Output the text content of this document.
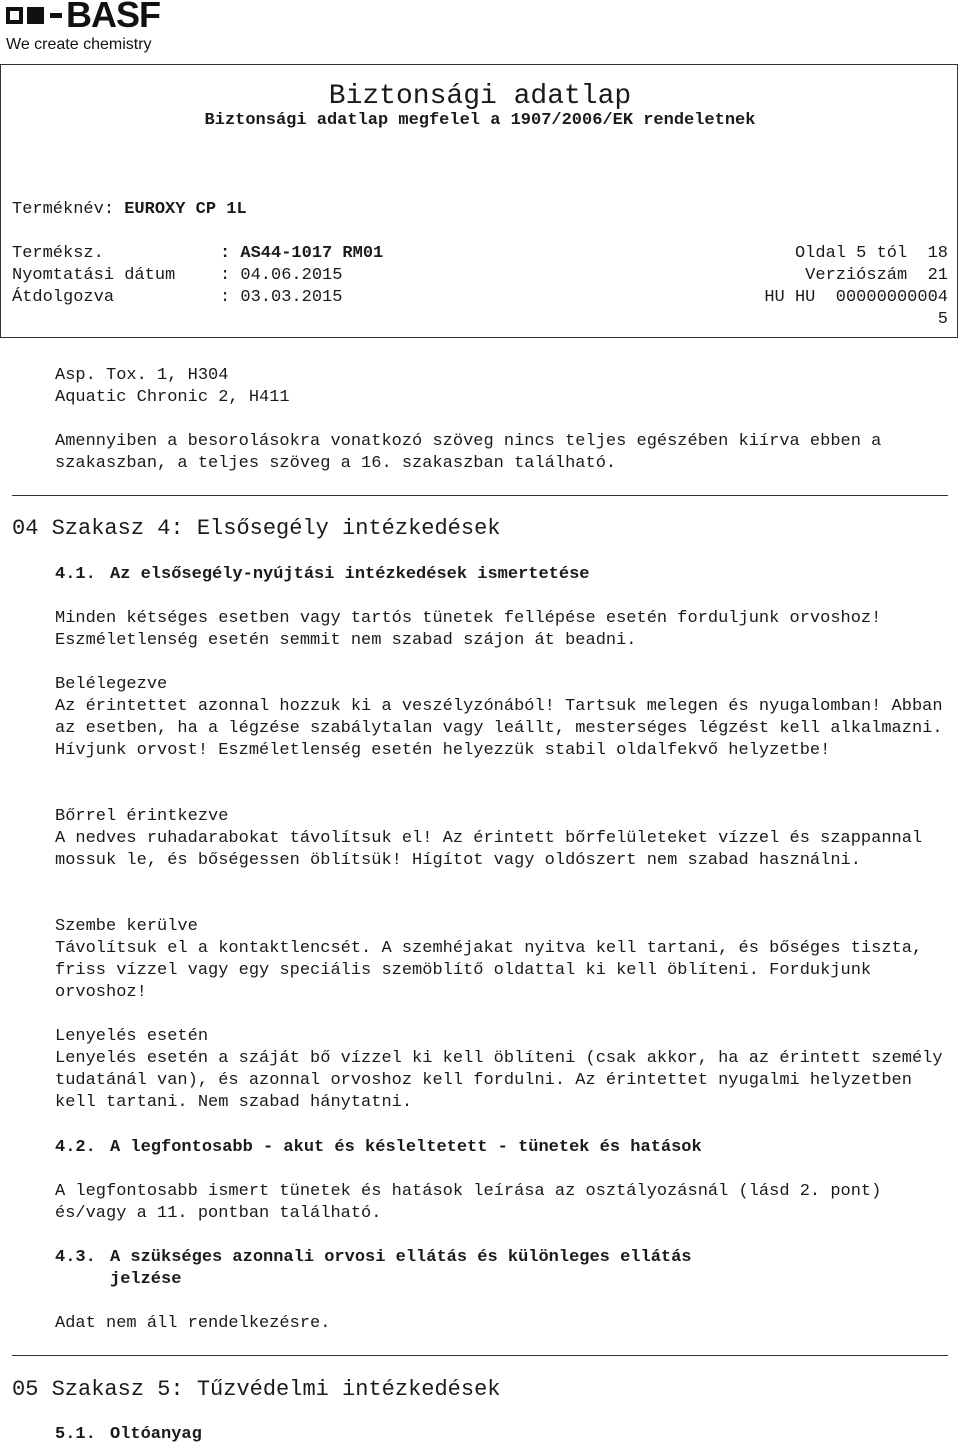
BASF
We create chemistry
Biztonsági adatlap
Biztonsági adatlap megfelel a 1907/2006/EK rendeletnek
Terméknév: EUROXY CP 1L
Terméksz.	: AS44-1017 RM01	Oldal 5 tól  18
Nyomtatási dátum	: 04.06.2015	Verziószám  21
Átdolgozva	: 03.03.2015	HU HU  00000000004
5
Asp. Tox. 1, H304
Aquatic Chronic 2, H411
Amennyiben a besorolásokra vonatkozó szöveg nincs teljes egészében kiírva ebben a szakaszban, a teljes szöveg a 16. szakaszban található.
04 Szakasz 4: Elsősegély intézkedések
4.1. Az elsősegély-nyújtási intézkedések ismertetése
Minden kétséges esetben vagy tartós tünetek fellépése esetén forduljunk orvoshoz! Eszméletlenség esetén semmit nem szabad szájon át beadni.
Belélegezve
Az érintettet azonnal hozzuk ki a veszélyzónából! Tartsuk melegen és nyugalomban! Abban az esetben, ha a légzése szabálytalan vagy leállt, mesterséges légzést kell alkalmazni. Hívjunk orvost! Eszméletlenség esetén helyezzük stabil oldalfekvő helyzetbe!
Bőrrel érintkezve
A nedves ruhadarabokat távolítsuk el! Az érintett bőrfelületeket vízzel és szappannal mossuk le, és bőségessen öblítsük! Hígítot vagy oldószert nem szabad használni.
Szembe kerülve
Távolítsuk el a kontaktlencsét. A szemhéjakat nyitva kell tartani, és bőséges tiszta, friss vízzel vagy egy speciális szemöblítő oldattal ki kell öblíteni. Fordukjunk orvoshoz!
Lenyelés esetén
Lenyelés esetén a száját bő vízzel ki kell öblíteni (csak akkor, ha az érintett személy tudatánál van), és azonnal orvoshoz kell fordulni. Az érintettet nyugalmi helyzetben kell tartani. Nem szabad hánytatni.
4.2. A legfontosabb - akut és késleltetett - tünetek és hatások
A legfontosabb ismert tünetek és hatások leírása az osztályozásnál (lásd 2. pont) és/vagy a 11. pontban található.
4.3. A szükséges azonnali orvosi ellátás és különleges ellátás
jelzése
Adat nem áll rendelkezésre.
05 Szakasz 5: Tűzvédelmi intézkedések
5.1. Oltóanyag
